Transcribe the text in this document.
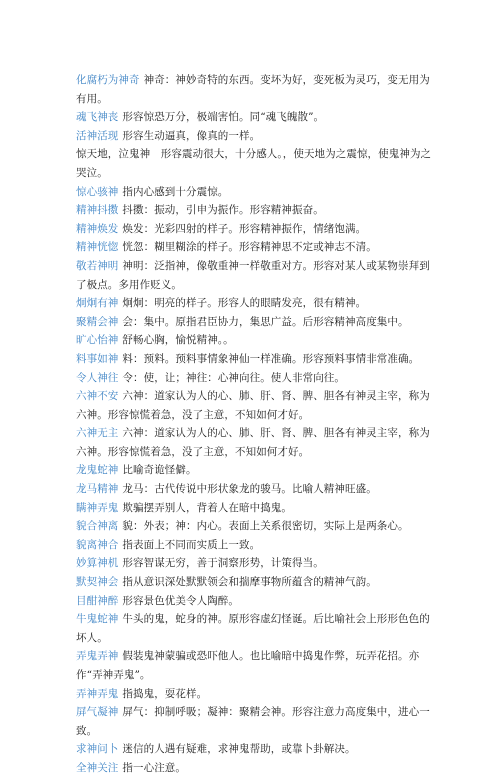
化腐朽为神奇 神奇：神妙奇特的东西。变坏为好，变死板为灵巧，变无用为有用。

魂飞神丧 形容惊恐万分，极端害怕。同“魂飞魄散”。

活神活现 形容生动逼真，像真的一样。

惊天地，泣鬼神　形容震动很大，十分感人。，使天地为之震惊，使鬼神为之哭泣。

惊心骇神 指内心感到十分震惊。

精神抖擞 抖擞：振动，引申为振作。形容精神振奋。

精神焕发 焕发：光彩四射的样子。形容精神振作，情绪饱满。

精神恍惚 恍忽：糊里糊涂的样子。形容精神思不定或神志不清。

敬若神明 神明：泛指神，像敬重神一样敬重对方。形容对某人或某物崇拜到了极点。多用作贬义。

炯炯有神 炯炯：明亮的样子。形容人的眼睛发亮，很有精神。

聚精会神 会：集中。原指君臣协力，集思广益。后形容精神高度集中。

旷心怡神 舒畅心胸，愉悦精神。。

料事如神 料：预料。预料事情象神仙一样准确。形容预料事情非常准确。

令人神往 令：使，让；神往：心神向往。使人非常向往。

六神不安 六神：道家认为人的心、肺、肝、肾、脾、胆各有神灵主宰，称为六神。形容惊慌着急，没了主意，不知如何才好。

六神无主 六神：道家认为人的心、肺、肝、肾、脾、胆各有神灵主宰，称为六神。形容惊慌着急，没了主意，不知如何才好。

龙鬼蛇神 比喻奇诡怪僻。

龙马精神 龙马：古代传说中形状象龙的骏马。比喻人精神旺盛。

瞒神弄鬼 欺骗摆弄别人，背着人在暗中捣鬼。

貌合神离 貌：外表；神：内心。表面上关系很密切，实际上是两条心。

貌离神合 指表面上不同而实质上一致。

妙算神机 形容智谋无穷，善于洞察形势，计策得当。

默契神会 指从意识深处默默领会和揣摩事物所蕴含的精神气韵。

目酣神醉 形容景色优美令人陶醉。

牛鬼蛇神 牛头的鬼，蛇身的神。原形容虚幻怪诞。后比喻社会上形形色色的坏人。

弄鬼弄神 假装鬼神蒙骗或恐吓他人。也比喻暗中捣鬼作弊，玩弄花招。亦作“弄神弄鬼”。

弄神弄鬼 指捣鬼，耍花样。

屏气凝神 屏气：抑制呼吸；凝神：聚精会神。形容注意力高度集中，进心一致。

求神问卜 迷信的人遇有疑难，求神鬼帮助，或靠卜卦解决。

全神关注 指一心注意。
